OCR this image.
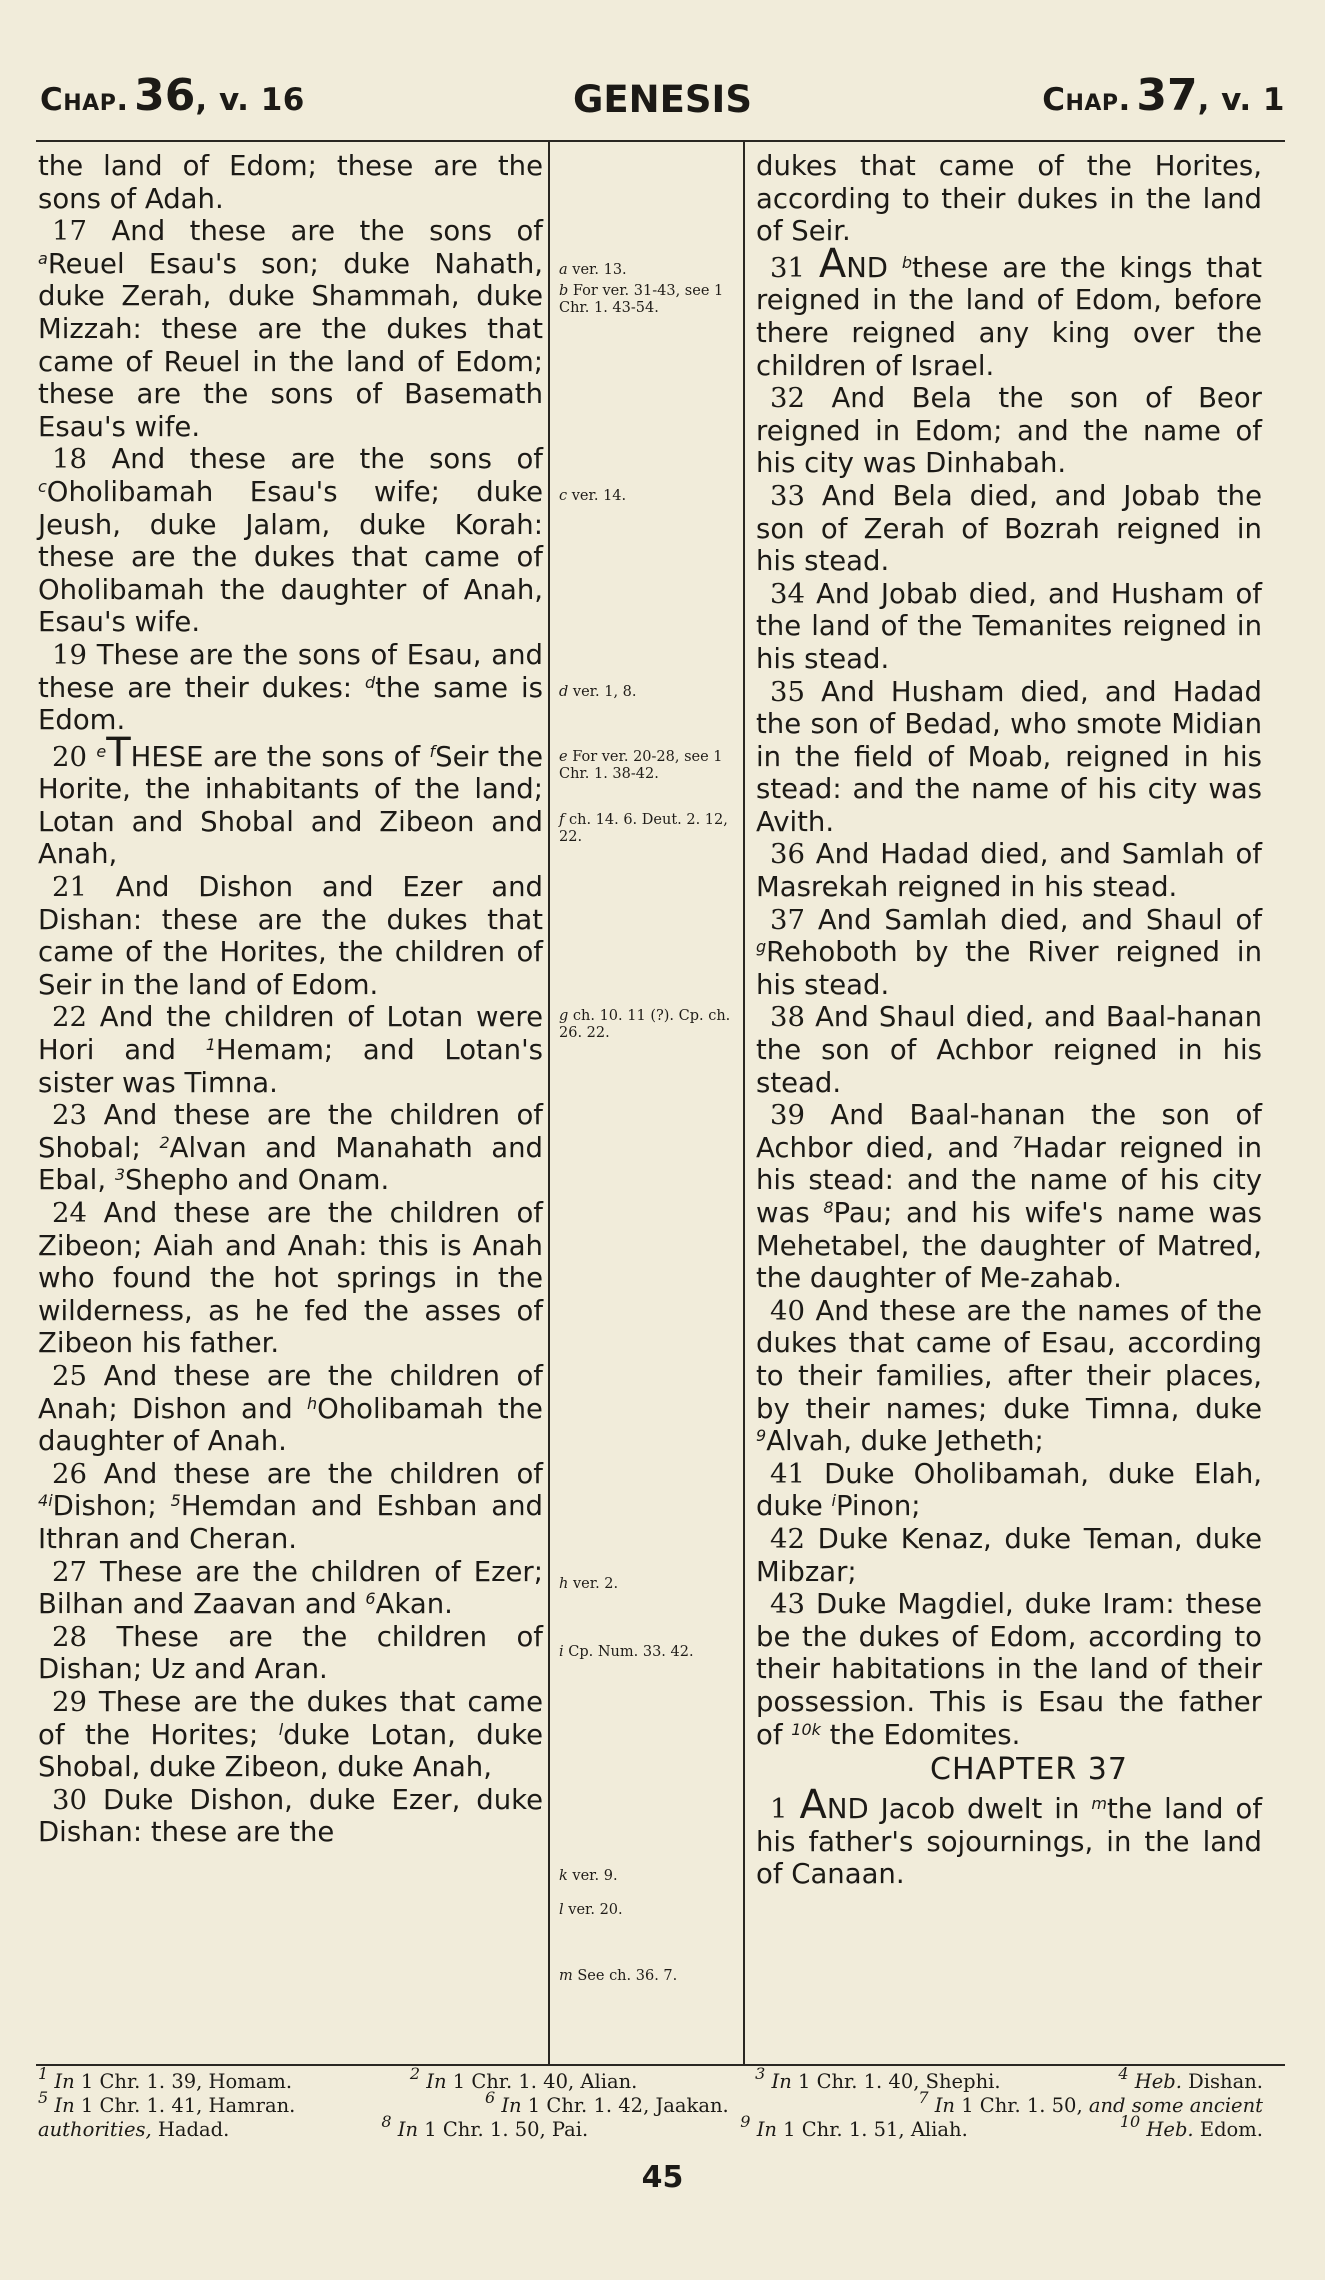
Chap. 36, v. 16	GENESIS	Chap. 37, v. 1

the land of Edom; these are the sons of Adah.

17 And these are the sons of $^a$Reuel Esau's son; duke Nahath, duke Zerah, duke Shammah, duke Mizzah: these are the dukes that came of Reuel in the land of Edom; these are the sons of Basemath Esau's wife.

18 And these are the sons of $^c$Oholibamah Esau's wife; duke Jeush, duke Jalam, duke Korah: these are the dukes that came of Oholibamah the daughter of Anah, Esau's wife.

19 These are the sons of Esau, and these are their dukes: $^d$the same is Edom.

20 $^e$THESE are the sons of $^f$Seir the Horite, the inhabitants of the land; Lotan and Shobal and Zibeon and Anah,

21 And Dishon and Ezer and Dishan: these are the dukes that came of the Horites, the children of Seir in the land of Edom.

22 And the children of Lotan were Hori and $^1$Hemam; and Lotan's sister was Timna.

23 And these are the children of Shobal; $^2$Alvan and Manahath and Ebal, $^3$Shepho and Onam.

24 And these are the children of Zibeon; Aiah and Anah: this is Anah who found the hot springs in the wilderness, as he fed the asses of Zibeon his father.

25 And these are the children of Anah; Dishon and $^h$Oholibamah the daughter of Anah.

26 And these are the children of $^{4i}$Dishon; $^5$Hemdan and Eshban and Ithran and Cheran.

27 These are the children of Ezer; Bilhan and Zaavan and $^6$Akan.

28 These are the children of Dishan; Uz and Aran.

29 These are the dukes that came of the Horites; $^l$duke Lotan, duke Shobal, duke Zibeon, duke Anah,

30 Duke Dishon, duke Ezer, duke Dishan: these are the

a ver. 13.
b For ver. 31-43, see 1 Chr. 1. 43-54.
c ver. 14.
d ver. 1, 8.
e For ver. 20-28, see 1 Chr. 1. 38-42.
f ch. 14. 6. Deut. 2. 12, 22.
g ch. 10. 11 (?). Cp. ch. 26. 22.
h ver. 2.
i Cp. Num. 33. 42.
k ver. 9.
l ver. 20.
m See ch. 36. 7.

dukes that came of the Horites, according to their dukes in the land of Seir.

31 AND $^b$these are the kings that reigned in the land of Edom, before there reigned any king over the children of Israel.

32 And Bela the son of Beor reigned in Edom; and the name of his city was Dinhabah.

33 And Bela died, and Jobab the son of Zerah of Bozrah reigned in his stead.

34 And Jobab died, and Husham of the land of the Temanites reigned in his stead.

35 And Husham died, and Hadad the son of Bedad, who smote Midian in the field of Moab, reigned in his stead: and the name of his city was Avith.

36 And Hadad died, and Samlah of Masrekah reigned in his stead.

37 And Samlah died, and Shaul of $^g$Rehoboth by the River reigned in his stead.

38 And Shaul died, and Baal-hanan the son of Achbor reigned in his stead.

39 And Baal-hanan the son of Achbor died, and $^7$Hadar reigned in his stead: and the name of his city was $^8$Pau; and his wife's name was Mehetabel, the daughter of Matred, the daughter of Me-zahab.

40 And these are the names of the dukes that came of Esau, according to their families, after their places, by their names; duke Timna, duke $^9$Alvah, duke Jetheth;

41 Duke Oholibamah, duke Elah, duke $^i$Pinon;

42 Duke Kenaz, duke Teman, duke Mibzar;

43 Duke Magdiel, duke Iram: these be the dukes of Edom, according to their habitations in the land of their possession. This is Esau the father of $^{10k}$ the Edomites.

CHAPTER 37

1 AND Jacob dwelt in $^m$the land of his father's sojournings, in the land of Canaan.

$^1$ In 1 Chr. 1. 39, Homam.	$^2$ In 1 Chr. 1. 40, Alian.	$^3$ In 1 Chr. 1. 40, Shephi.	$^4$ Heb. Dishan.
$^5$ In 1 Chr. 1. 41, Hamran.	$^6$ In 1 Chr. 1. 42, Jaakan.	$^7$ In 1 Chr. 1. 50, and some ancient
authorities, Hadad.	$^8$ In 1 Chr. 1. 50, Pai.	$^9$ In 1 Chr. 1. 51, Aliah.	$^{10}$ Heb. Edom.
45
